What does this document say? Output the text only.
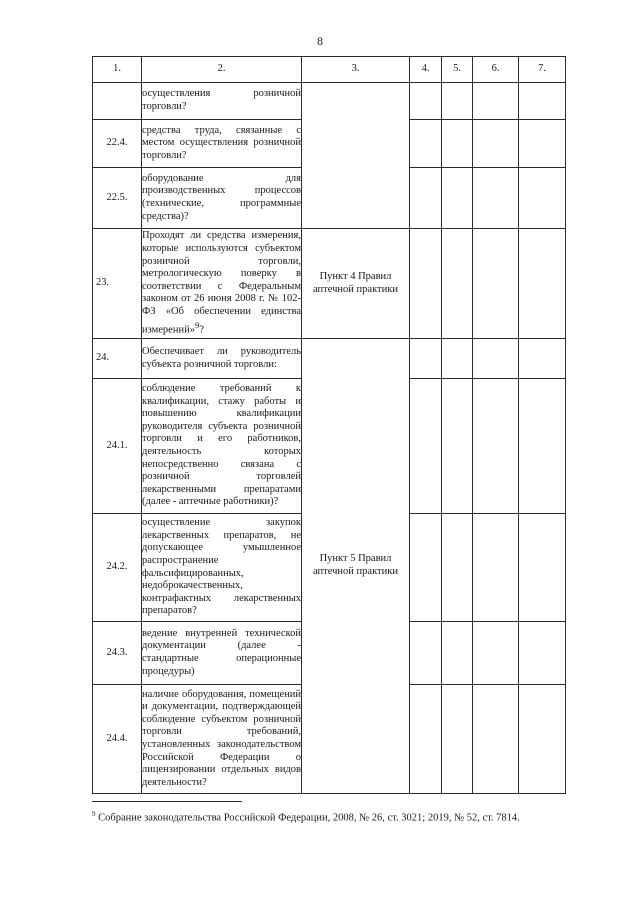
8
1.	2.	3.	4.	5.	6.	7.
	осуществления розничной торговли?					
22.4.	средства труда, связанные с местом осуществления розничной торговли?					
22.5.	оборудование для производственных процессов (технические, программные средства)?					
23.	Проходят ли средства измерения, которые используются субъектом розничной торговли, метрологическую поверку в соответствии с Федеральным законом от 26 июня 2008 г. № 102-ФЗ «Об обеспечении единства измерений»$^9$?	Пункт 4 Правил аптечной практики				
24.	Обеспечивает ли руководитель субъекта розничной торговли:	Пункт 5 Правил аптечной практики				
24.1.	соблюдение требований к квалификации, стажу работы и повышению квалификации руководителя субъекта розничной торговли и его работников, деятельность которых непосредственно связана с розничной торговлей лекарственными препаратами (далее - аптечные работники)?					
24.2.	осуществление закупок лекарственных препаратов, не допускающее умышленное распространение фальсифицированных, недоброкачественных, контрафактных лекарственных препаратов?					
24.3.	ведение внутренней технической документации (далее - стандартные операционные процедуры)					
24.4.	наличие оборудования, помещений и документации, подтверждающей соблюдение субъектом розничной торговли требований, установленных законодательством Российской Федерации о лицензировании отдельных видов деятельности?					
$^9$ Собрание законодательства Российской Федерации, 2008, № 26, ст. 3021; 2019, № 52, ст. 7814.
